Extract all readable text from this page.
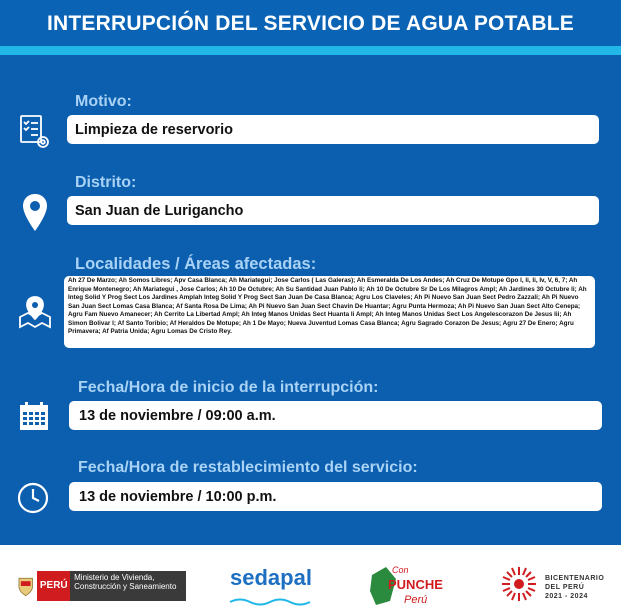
INTERRUPCIÓN DEL SERVICIO DE AGUA POTABLE
Motivo:
Limpieza de reservorio
Distrito:
San Juan de Lurigancho
Localidades / Áreas afectadas:
Ah 27 De Marzo; Ah Somos Libres; Apv Casa Blanca; Ah Mariategui; Jose Carlos ( Las Galeras); Ah Esmeralda De Los Andes; Ah Cruz De Motupe Gpo I, Ii, Ii, Iv, V, 6, 7; Ah Enrique Montenegro; Ah Mariategui , Jose Carlos; Ah 10 De Octubre; Ah Su Santidad Juan Pablo Ii; Ah 10 De Octubre Sr De Los Milagros Ampl; Ah Jardines 30 Octubre Ii; Ah Integ Solid Y Prog Sect Los Jardines Amplah Integ Solid Y Prog Sect San Juan De Casa Blanca; Agru Los Claveles; Ah Pi Nuevo San Juan Sect Pedro Zazzali; Ah Pi Nuevo San Juan Sect Lomas Casa Blanca; Af Santa Rosa De Lima; Ah Pi Nuevo San Juan Sect Chavin De Huantar; Agru Punta Hermoza; Ah Pi Nuevo San Juan Sect Alto Cenepa; Agru Fam Nuevo Amanecer; Ah Cerrito La Libertad Ampl; Ah Integ Manos Unidas Sect Huanta Ii Ampl; Ah Integ Manos Unidas Sect Los Angelescorazon De Jesus Iii; Ah Simon Bolivar I; Af Santo Toribio; Af Heraldos De Motupe; Ah 1 De Mayo; Nueva Juventud Lomas Casa Blanca; Agru Sagrado Corazon De Jesus; Agru 27 De Enero; Agru Primavera; Af Patria Unida; Agru Lomas De Cristo Rey.
Fecha/Hora de inicio de la interrupción:
13 de noviembre / 09:00 a.m.
Fecha/Hora de restablecimiento del servicio:
13 de noviembre / 10:00 p.m.
PERÚ
Ministerio de Vivienda, Construcción y Saneamiento	sedapal	Con
PUNCHE
Perú
BICENTENARIO
DEL PERÚ
2021 - 2024
